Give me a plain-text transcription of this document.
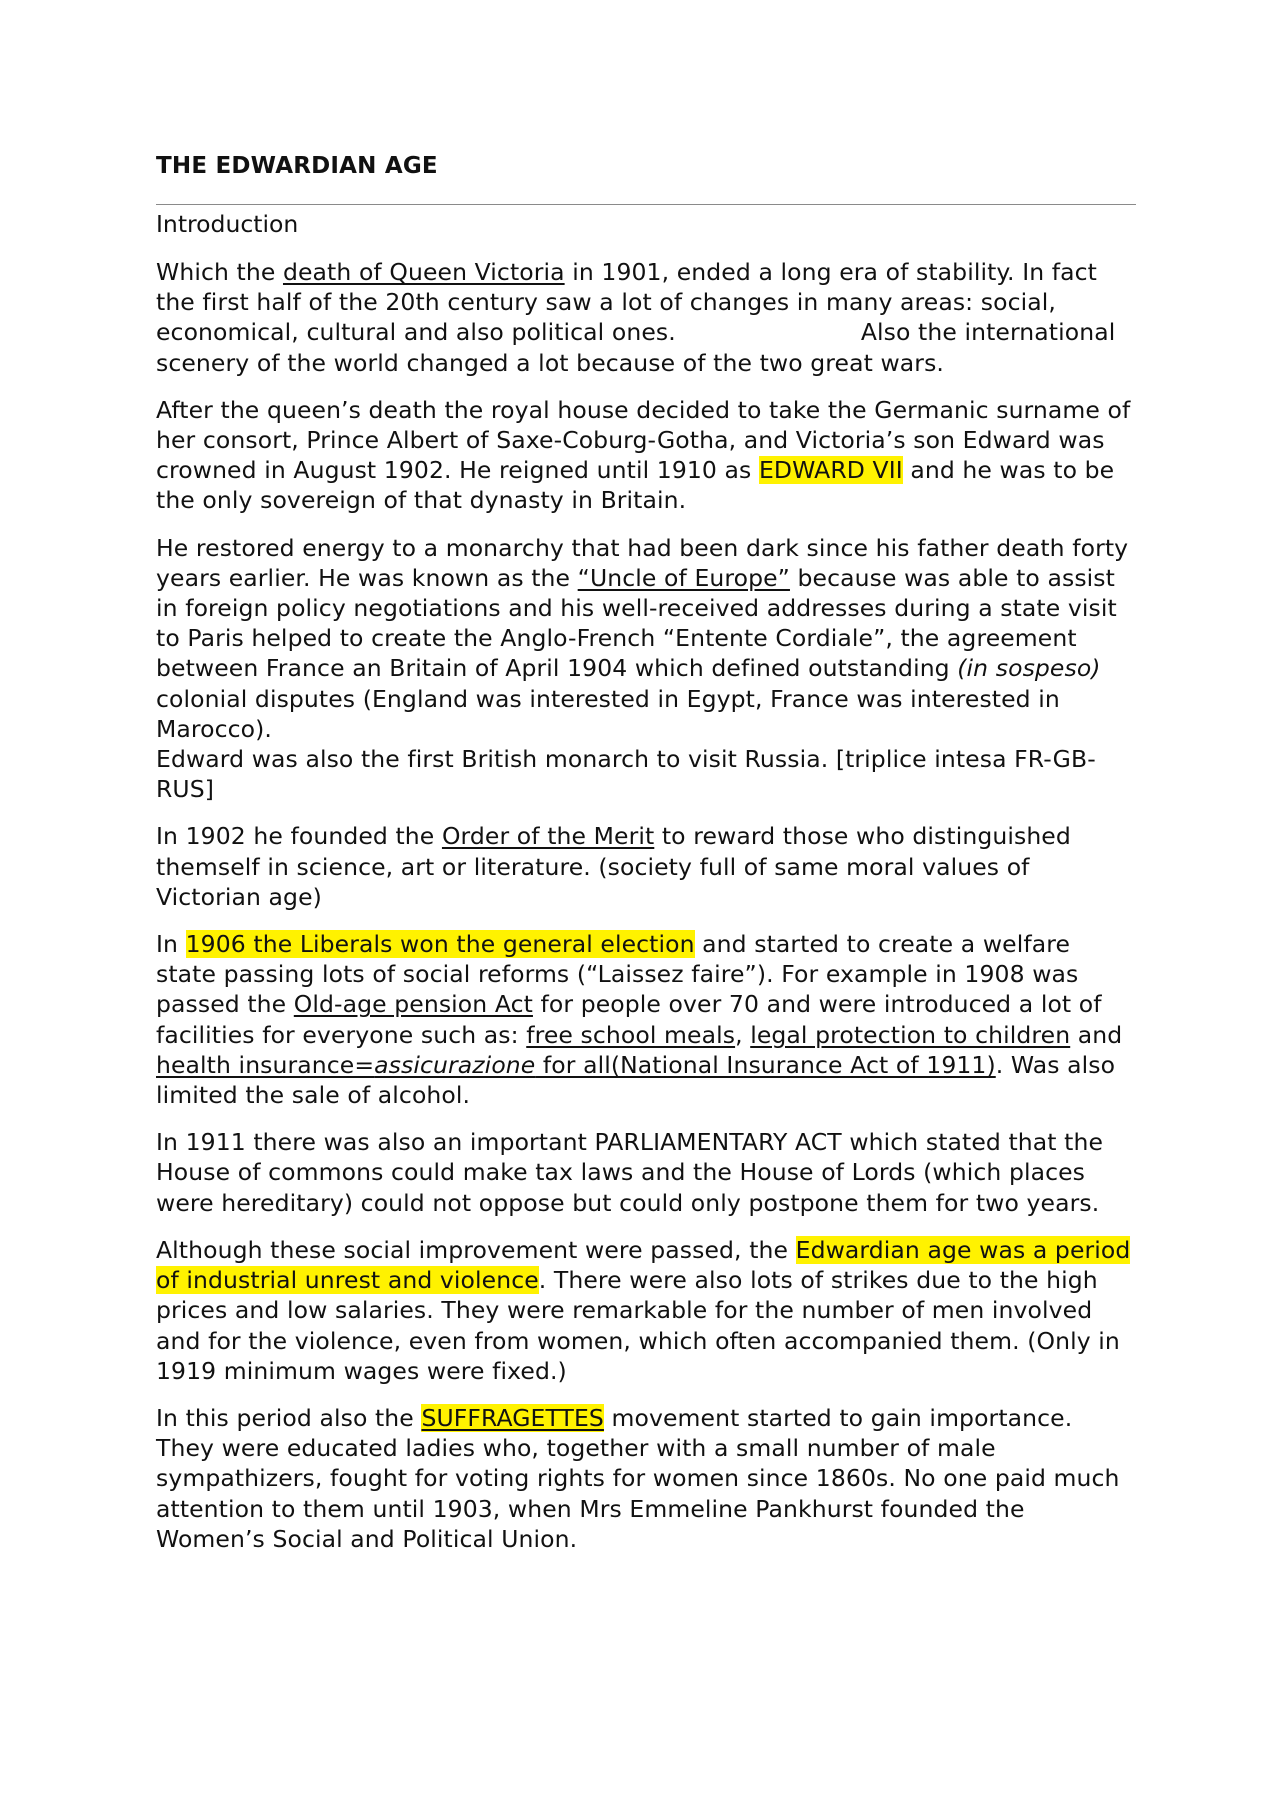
THE EDWARDIAN AGE
Introduction

Which the death of Queen Victoria in 1901, ended a long era of stability. In fact the first half of the 20th century saw a lot of changes in many areas: social, economical, cultural and also political ones.	Also the international scenery of the world changed a lot because of the two great wars.

After the queen’s death the royal house decided to take the Germanic surname of her consort, Prince Albert of Saxe-Coburg-Gotha, and Victoria’s son Edward was crowned in August 1902. He reigned until 1910 as EDWARD VII and he was to be the only sovereign of that dynasty in Britain.

He restored energy to a monarchy that had been dark since his father death forty years earlier. He was known as the “Uncle of Europe” because was able to assist in foreign policy negotiations and his well-received addresses during a state visit to Paris helped to create the Anglo-French “Entente Cordiale”, the agreement between France an Britain of April 1904 which defined outstanding (in sospeso) colonial disputes (England was interested in Egypt, France was interested in Marocco).
Edward was also the first British monarch to visit Russia. [triplice intesa FR-GB-RUS]

In 1902 he founded the Order of the Merit to reward those who distinguished themself in science, art or literature. (society full of same moral values of Victorian age)

In 1906 the Liberals won the general election and started to create a welfare state passing lots of social reforms (“Laissez faire”). For example in 1908 was passed the Old-age pension Act for people over 70 and were introduced a lot of facilities for everyone such as: free school meals, legal protection to children and health insurance=assicurazione for all(National Insurance Act of 1911). Was also limited the sale of alcohol.

In 1911 there was also an important PARLIAMENTARY ACT which stated that the House of commons could make tax laws and the House of Lords (which places were hereditary) could not oppose but could only postpone them for two years.

Although these social improvement were passed, the Edwardian age was a period of industrial unrest and violence. There were also lots of strikes due to the high prices and low salaries. They were remarkable for the number of men involved and for the violence, even from women, which often accompanied them. (Only in 1919 minimum wages were fixed.)

In this period also the SUFFRAGETTES movement started to gain importance. They were educated ladies who, together with a small number of male sympathizers, fought for voting rights for women since 1860s. No one paid much attention to them until 1903, when Mrs Emmeline Pankhurst founded the Women’s Social and Political Union.
